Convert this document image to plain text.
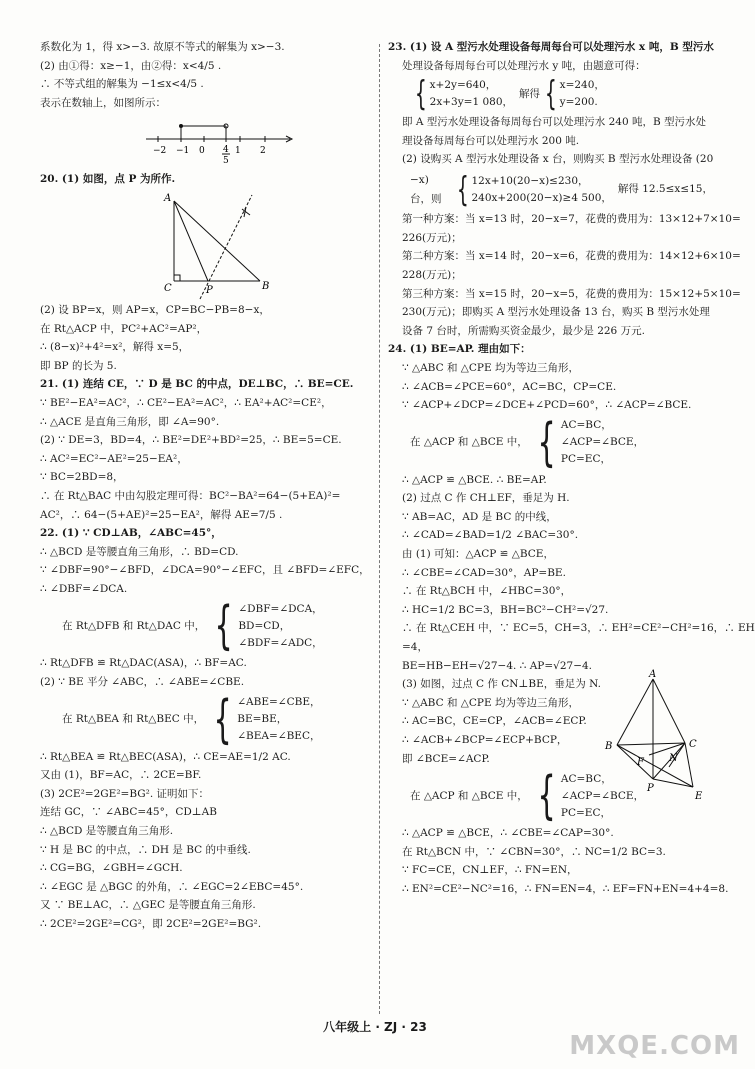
系数化为 1，得 x>−3. 故原不等式的解集为 x>−3.
(2) 由①得：x≥−1，由②得：x<4/5 .
∴ 不等式组的解集为 −1≤x<4/5 .
表示在数轴上，如图所示：
−2 −1 0 4
5
1 2
20. (1) 如图，点 P 为所作.
A
C	P	B
(2) 设 BP=x，则 AP=x，CP=BC−PB=8−x，
在 Rt△ACP 中，PC²+AC²=AP²，
∴ (8−x)²+4²=x²，解得 x=5，
即 BP 的长为 5.
21. (1) 连结 CE，∵ D 是 BC 的中点，DE⊥BC，∴ BE=CE.
∵ BE²−EA²=AC²，∴ CE²−EA²=AC²，∴ EA²+AC²=CE²，
∴ △ACE 是直角三角形，即 ∠A=90°.
(2) ∵ DE=3，BD=4，∴ BE²=DE²+BD²=25，∴ BE=5=CE.
∴ AC²=EC²−AE²=25−EA²，
∵ BC=2BD=8，
∴ 在 Rt△BAC 中由勾股定理可得：BC²−BA²=64−(5+EA)²=
AC²，∴ 64−(5+AE)²=25−EA²，解得 AE=7/5 .
22. (1) ∵ CD⊥AB，∠ABC=45°，
∴ △BCD 是等腰直角三角形，∴ BD=CD.
∵ ∠DBF=90°−∠BFD，∠DCA=90°−∠EFC，且 ∠BFD=∠EFC，
∴ ∠DBF=∠DCA.
在 Rt△DFB 和 Rt△DAC 中， { ∠DBF=∠DCA，
BD=CD，
∠BDF=∠ADC，
∴ Rt△DFB ≌ Rt△DAC(ASA)，∴ BF=AC.
(2) ∵ BE 平分 ∠ABC，∴ ∠ABE=∠CBE.
在 Rt△BEA 和 Rt△BEC 中， { ∠ABE=∠CBE，
BE=BE，
∠BEA=∠BEC，
∴ Rt△BEA ≌ Rt△BEC(ASA)，∴ CE=AE=1/2 AC.
又由 (1)，BF=AC，∴ 2CE=BF.
(3) 2CE²=2GE²=BG². 证明如下：
连结 GC，∵ ∠ABC=45°，CD⊥AB
∴ △BCD 是等腰直角三角形.
∵ H 是 BC 的中点，∴ DH 是 BC 的中垂线.
∴ CG=BG，∠GBH=∠GCH.
∴ ∠EGC 是 △BGC 的外角，∴ ∠EGC=2∠EBC=45°.
又 ∵ BE⊥AC，∴ △GEC 是等腰直角三角形.
∴ 2CE²=2GE²=CG²，即 2CE²=2GE²=BG².
23. (1) 设 A 型污水处理设备每周每台可以处理污水 x 吨，B 型污水
处理设备每周每台可以处理污水 y 吨，由题意可得：
{ x+2y=640，
2x+3y=1 080，
解得 { x=240，
y=200.
即 A 型污水处理设备每周每台可以处理污水 240 吨，B 型污水处
理设备每周每台可以处理污水 200 吨.
(2) 设购买 A 型污水处理设备 x 台，则购买 B 型污水处理设备 (20
−x) 台，则 { 12x+10(20−x)≤230，
240x+200(20−x)≥4 500，
解得 12.5≤x≤15，
第一种方案：当 x=13 时，20−x=7，花费的费用为：13×12+7×10=
226(万元)；
第二种方案：当 x=14 时，20−x=6，花费的费用为：14×12+6×10=
228(万元)；
第三种方案：当 x=15 时，20−x=5，花费的费用为：15×12+5×10=
230(万元)；即购买 A 型污水处理设备 13 台，购买 B 型污水处理
设备 7 台时，所需购买资金最少，最少是 226 万元.
24. (1) BE=AP. 理由如下：
∵ △ABC 和 △CPE 均为等边三角形，
∴ ∠ACB=∠PCE=60°，AC=BC，CP=CE.
∵ ∠ACP+∠DCP=∠DCE+∠PCD=60°，∴ ∠ACP=∠BCE.
在 △ACP 和 △BCE 中， { AC=BC，
∠ACP=∠BCE，
PC=EC，
∴ △ACP ≌ △BCE. ∴ BE=AP.
(2) 过点 C 作 CH⊥EF，垂足为 H.
∵ AB=AC，AD 是 BC 的中线，
∴ ∠CAD=∠BAD=1/2 ∠BAC=30°.
由 (1) 可知：△ACP ≌ △BCE，
∴ ∠CBE=∠CAD=30°，AP=BE.
∴ 在 Rt△BCH 中，∠HBC=30°，
∴ HC=1/2 BC=3，BH=BC²−CH²=√27.
∴ 在 Rt△CEH 中，∵ EC=5，CH=3，∴ EH²=CE²−CH²=16，∴ EH
=4，
BE=HB−EH=√27−4. ∴ AP=√27−4.
(3) 如图，过点 C 作 CN⊥BE，垂足为 N.
A
B	C
F	N
P
E
∵ △ABC 和 △CPE 均为等边三角形，
∴ AC=BC，CE=CP，∠ACB=∠ECP.
∴ ∠ACB+∠BCP=∠ECP+BCP，
即 ∠BCE=∠ACP.
在 △ACP 和 △BCE 中， { AC=BC，
∠ACP=∠BCE，
PC=EC，
∴ △ACP ≌ △BCE，∴ ∠CBE=∠CAP=30°.
在 Rt△BCN 中，∵ ∠CBN=30°，∴ NC=1/2 BC=3.
∵ FC=CE，CN⊥EF，∴ FN=EN，
∴ EN²=CE²−NC²=16，∴ FN=EN=4，∴ EF=FN+EN=4+4=8.
八年级上 · ZJ · 23
MXQE.COM
